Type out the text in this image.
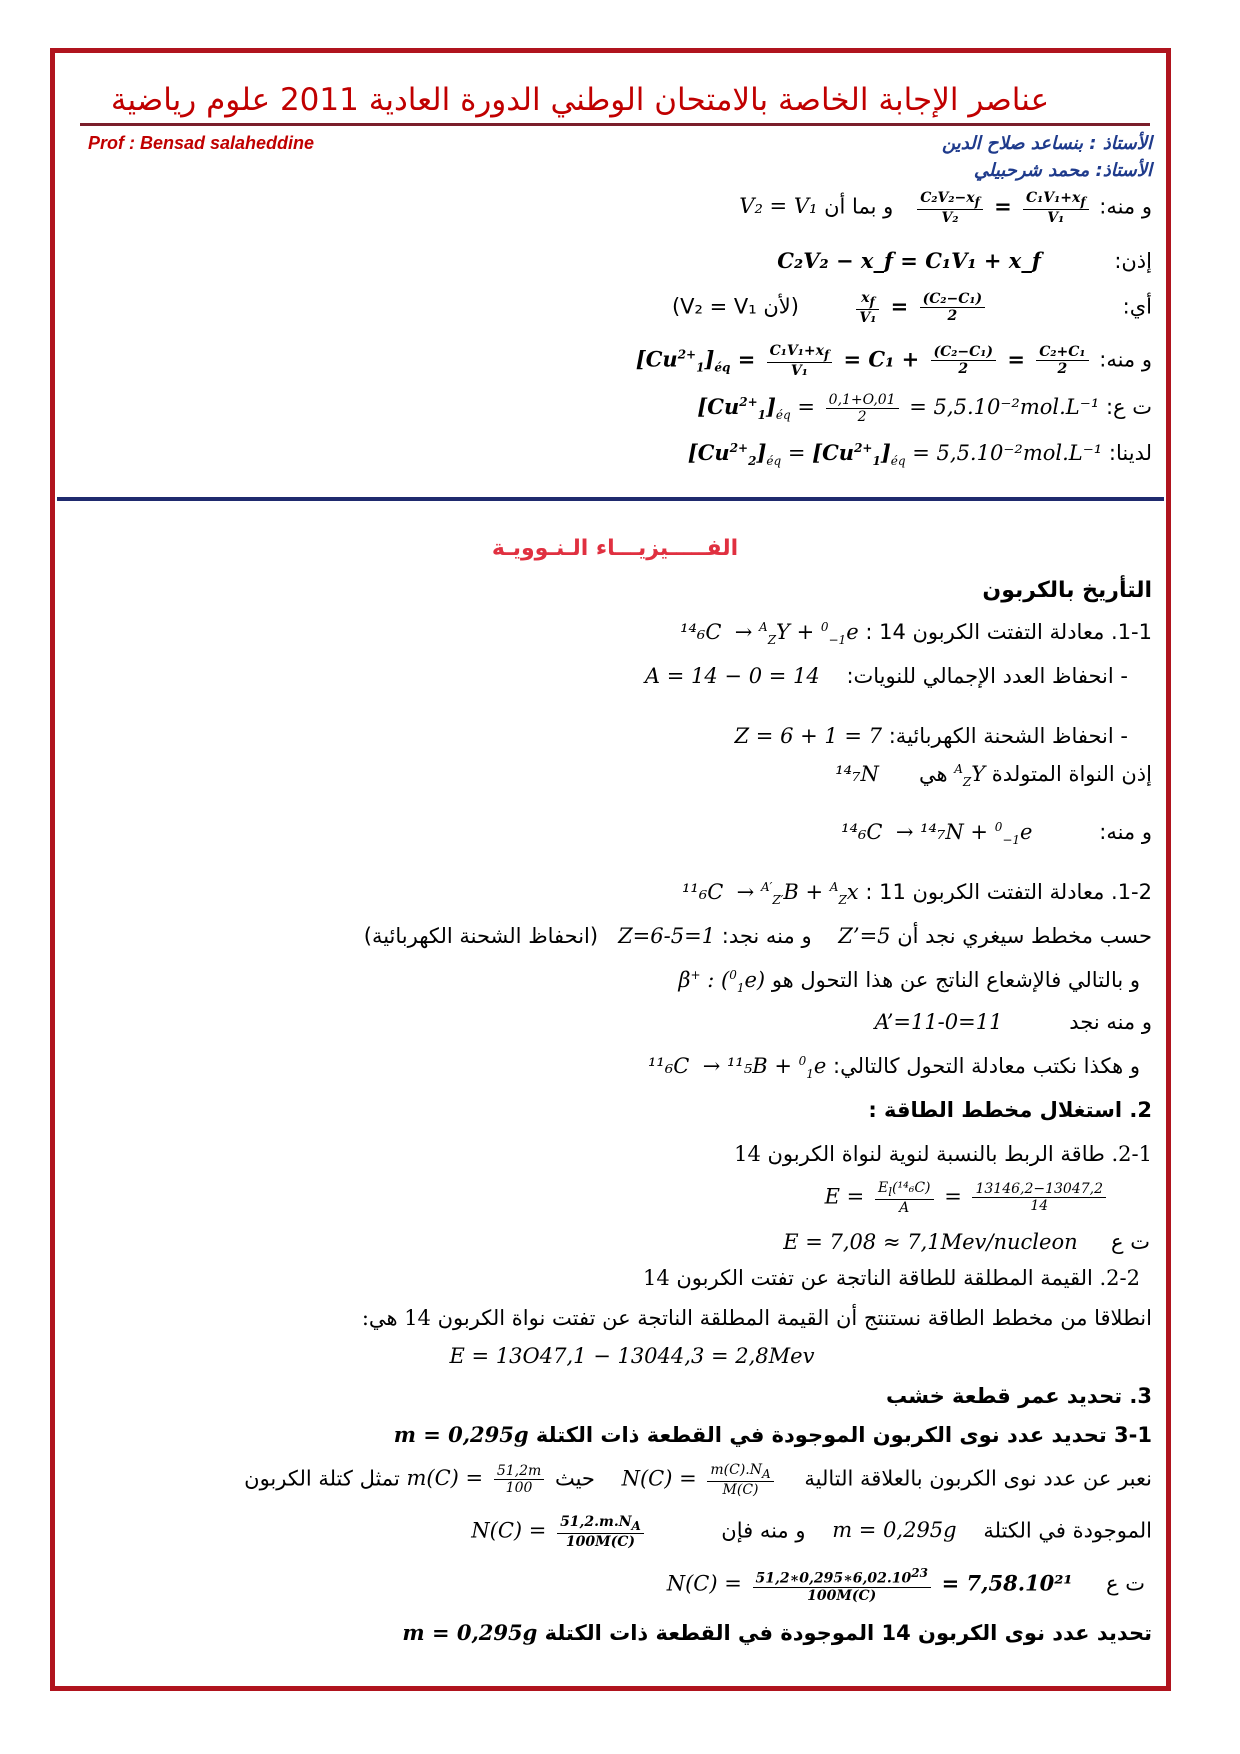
عناصر الإجابة الخاصة بالامتحان الوطني الدورة العادية 2011 علوم رياضية
Prof : Bensad salaheddine	الأستاذ : بنساعد صلاح الدين
الأستاذ: محمد شرحبيلي
و منه:
$\frac{C_2V_2-x_f}{\text{V₂}} = \frac{C_1V_1+x_f}{\text{V₁}}$
و بما أن V₂ = V₁
إذن:           C₂V₂ − x_f = C₁V₁ + x_f
أي:
$\frac{x_f}{\text{V₁}} = \frac{\text{(C₂−C₁)}}{2}$
(لأن V₂ = V₁)
و منه: $[Cu^{2+}_1]_{éq} = \frac{C_1V_1+x_f}{\text{V₁}} = C_1 + \frac{\text{(C₂−C₁)}}{2} = \frac{\text{C₂+C₁}}{2}$
ت ع: $[Cu^{2+}_1]_{éq} = \frac{0,1+O,01}{2} = 5,5.10^{-2}mol.L^{-1}$
لدينا: $[Cu^{2+}_2]_{éq} = [Cu^{2+}_1]_{éq} = 5,5.10^{-2}mol.L^{-1}$
الفـــــيزيـــاء الـنـوويـة
التأريخ بالكربون
1-1. معادلة التفتت الكربون 14 : ¹⁴₆C  → $^A_Z$Y + $^0_{-1}$e
- انحفاظ العدد الإجمالي للنويات:    A = 14 − 0 = 14
- انحفاظ الشحنة الكهربائية: Z = 6 + 1 = 7
إذن النواة المتولدة $^A_Z$Y هي      ¹⁴₇N
و منه:          ¹⁴₆C  → ¹⁴₇N + $^0_{-1}$e
1-2. معادلة التفتت الكربون 11 : ¹¹₆C  → $^{A'}_{Z'}$B + $^A_Z$x
حسب مخطط سيغري نجد أن Z’=5    و منه نجد: Z=6-5=1   (انحفاظ الشحنة الكهربائية)
و بالتالي فالإشعاع الناتج عن هذا التحول هو β+ : ($^0_1$e)
و منه نجد          A’=11-0=11
و هكذا نكتب معادلة التحول كالتالي: ¹¹₆C  → ¹¹₅B + $^0_1$e
2. استغلال مخطط الطاقة :
2-1. طاقة الربط بالنسبة لنوية لنواة الكربون 14
$E = \frac{E_l(^{14}_6C)}{A} = \frac{13146,2-13047,2}{14}$
ت ع     E = 7,08 ≈ 7,1Mev/nucleon
2-2. القيمة المطلقة للطاقة الناتجة عن تفتت الكربون 14
انطلاقا من مخطط الطاقة نستنتج أن القيمة المطلقة الناتجة عن تفتت نواة الكربون 14 هي:
E = 13O47,1 − 13044,3 = 2,8Mev
3. تحديد عمر قطعة خشب
3-1 تحديد عدد نوى الكربون الموجودة في القطعة ذات الكتلة m = 0,295g
نعبر عن عدد نوى الكربون بالعلاقة التالية    $N(C) = \frac{m(C).N_A}{M(C)}$
حيث $m(C) = \frac{51,2m}{100}$
تمثل كتلة الكربون
الموجودة في الكتلة    m = 0,295g    و منه فإن           $N(C) = \frac{51,2.m.N_A}{100M(C)}$
ت ع     $N(C) = \frac{51,2∗0,295∗6,02.10^{23}}{100M(C)} = 7,58.10^{21}$
تحديد عدد نوى الكربون 14 الموجودة في القطعة ذات الكتلة m = 0,295g
